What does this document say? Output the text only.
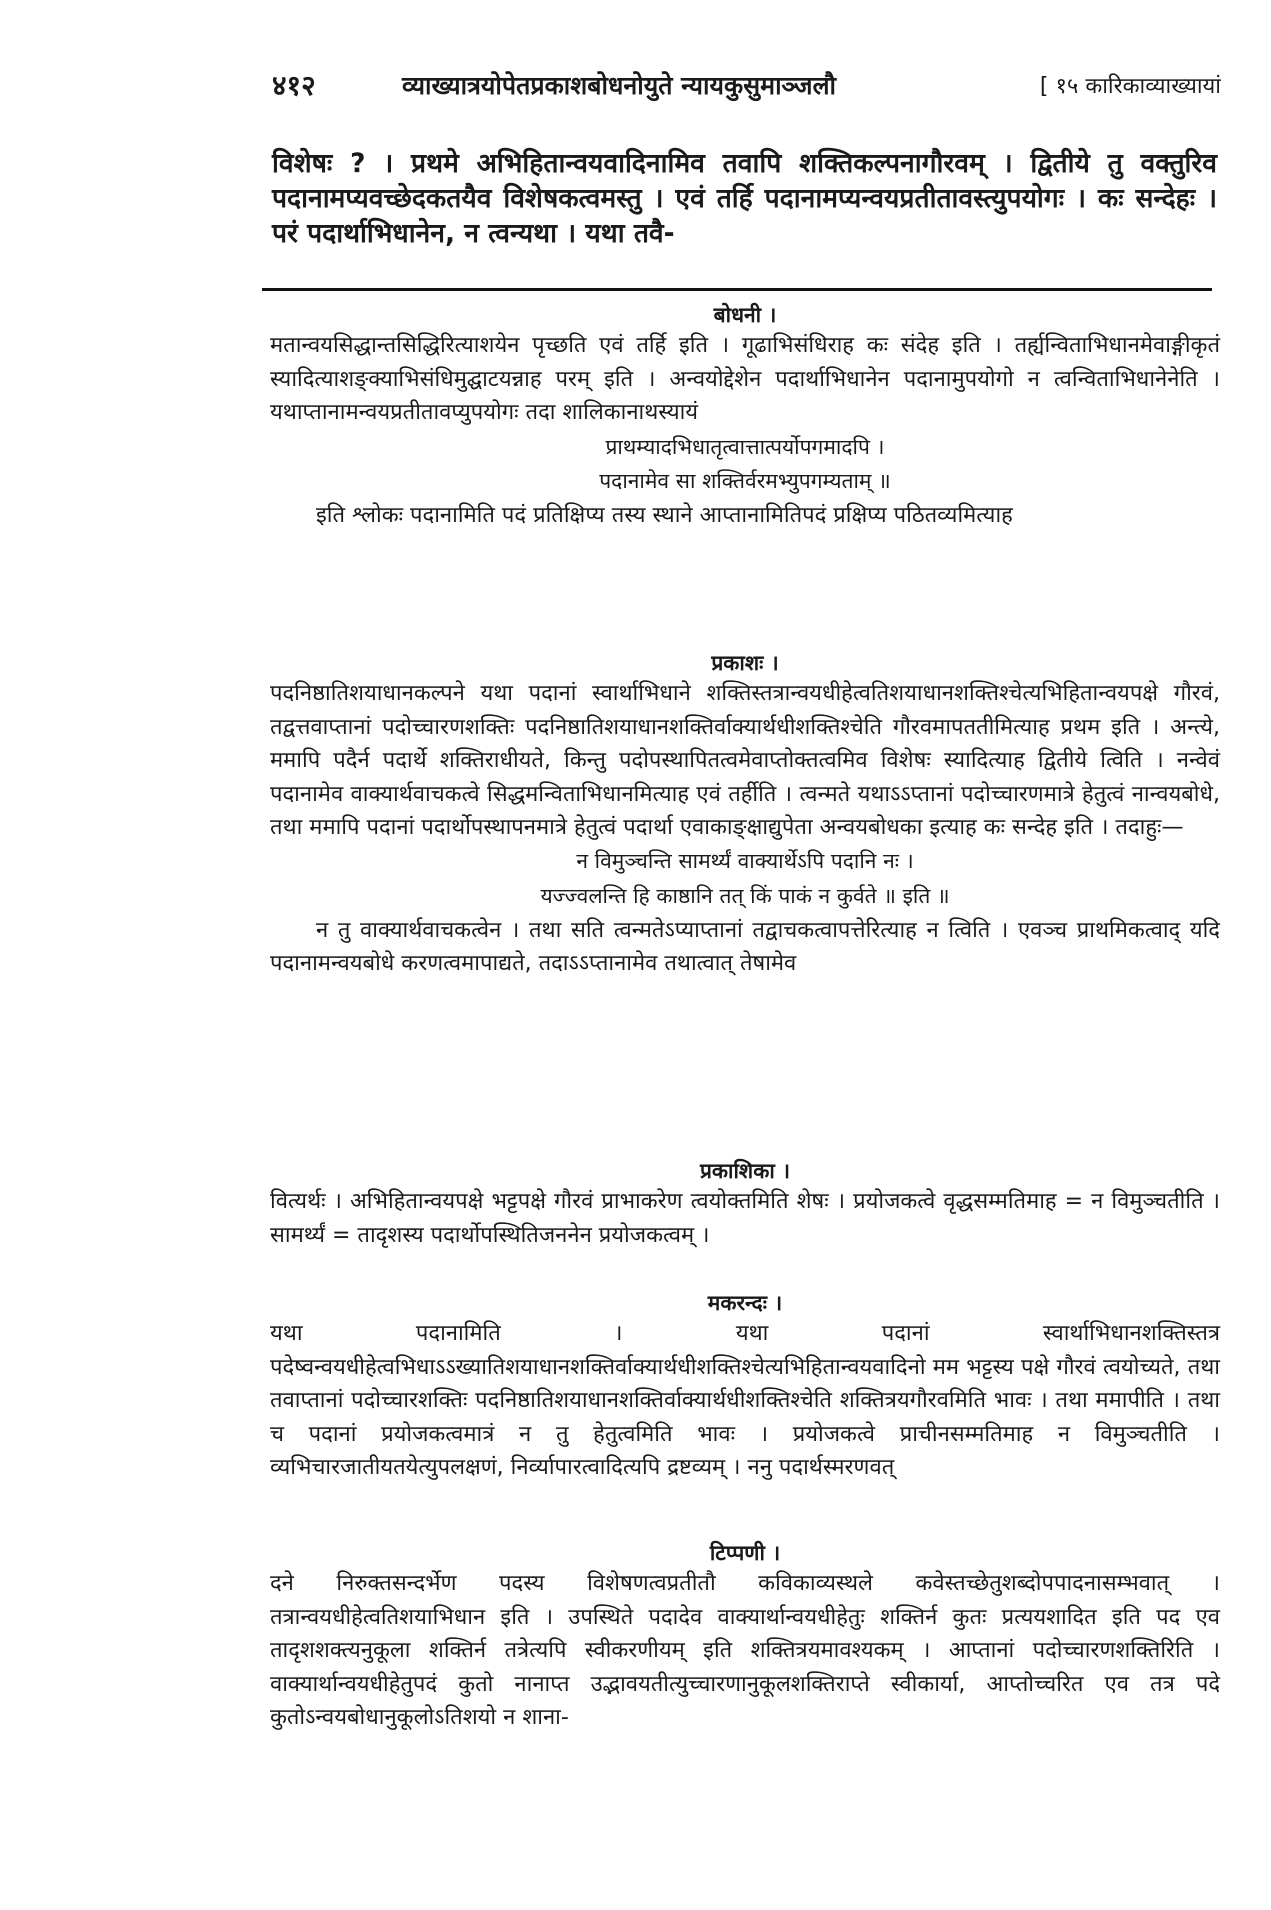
४१२	व्याख्यात्रयोपेतप्रकाशबोधनोयुते न्यायकुसुमाञ्जलौ	[ १५ कारिकाव्याख्यायां
विशेषः ? । प्रथमे अभिहितान्वयवादिनामिव तवापि शक्तिकल्पनागौरवम् । द्वितीये तु वक्तुरिव पदानामप्यवच्छेदकतयैव विशेषकत्वमस्तु । एवं तर्हि पदानामप्यन्वयप्रतीतावस्त्युपयोगः । कः सन्देहः । परं पदार्थाभिधानेन, न त्वन्यथा । यथा तवै-
बोधनी ।
मतान्वयसिद्धान्तसिद्धिरित्याशयेन पृच्छति एवं तर्हि इति । गूढाभिसंधिराह कः संदेह इति । तर्ह्यन्विताभिधानमेवाङ्गीकृतं स्यादित्याशङ्क्याभिसंधिमुद्घाटयन्नाह परम् इति । अन्वयोद्देशेन पदार्थाभिधानेन पदानामुपयोगो न त्वन्विताभिधानेनेति । यथाप्तानामन्वयप्रतीतावप्युपयोगः तदा शालिकानाथस्यायं
प्राथम्यादभिधातृत्वात्तात्पर्योपगमादपि ।
पदानामेव सा शक्तिर्वरमभ्युपगम्यताम् ॥
इति श्लोकः पदानामिति पदं प्रतिक्षिप्य तस्य स्थाने आप्तानामितिपदं प्रक्षिप्य पठितव्यमित्याह
प्रकाशः ।
पदनिष्ठातिशयाधानकल्पने यथा पदानां स्वार्थाभिधाने शक्तिस्तत्रान्वयधीहेत्वतिशयाधानशक्तिश्चेत्यभिहितान्वयपक्षे गौरवं, तद्वत्तवाप्तानां पदोच्चारणशक्तिः पदनिष्ठातिशयाधानशक्तिर्वाक्यार्थधीशक्तिश्चेति गौरवमापततीमित्याह प्रथम इति । अन्त्ये, ममापि पदैर्न पदार्थे शक्तिराधीयते, किन्तु पदोपस्थापितत्वमेवाप्तोक्तत्वमिव विशेषः स्यादित्याह द्वितीये त्विति । नन्वेवं पदानामेव वाक्यार्थवाचकत्वे सिद्धमन्विताभिधानमित्याह एवं तर्हीति । त्वन्मते यथाऽऽप्तानां पदोच्चारणमात्रे हेतुत्वं नान्वयबोधे, तथा ममापि पदानां पदार्थोपस्थापनमात्रे हेतुत्वं पदार्था एवाकाङ्क्षाद्युपेता अन्वयबोधका इत्याह कः सन्देह इति । तदाहुः—
न विमुञ्चन्ति सामर्थ्यं वाक्यार्थेऽपि पदानि नः ।
यज्ज्वलन्ति हि काष्ठानि तत् किं पाकं न कुर्वते ॥ इति ॥
न तु वाक्यार्थवाचकत्वेन । तथा सति त्वन्मतेऽप्याप्तानां तद्वाचकत्वापत्तेरित्याह न त्विति । एवञ्च प्राथमिकत्वाद् यदि पदानामन्वयबोधे करणत्वमापाद्यते, तदाऽऽप्तानामेव तथात्वात् तेषामेव
प्रकाशिका ।
वित्यर्थः । अभिहितान्वयपक्षे भट्टपक्षे गौरवं प्राभाकरेण त्वयोक्तमिति शेषः । प्रयोजकत्वे वृद्धसम्मतिमाह = न विमुञ्चतीति । सामर्थ्यं = तादृशस्य पदार्थोपस्थितिजननेन प्रयोजकत्वम् ।
मकरन्दः ।
यथा पदानामिति । यथा पदानां स्वार्थाभिधानशक्तिस्तत्र पदेष्वन्वयधीहेत्वभिधाऽऽख्यातिशयाधानशक्तिर्वाक्यार्थधीशक्तिश्चेत्यभिहितान्वयवादिनो मम भट्टस्य पक्षे गौरवं त्वयोच्यते, तथा तवाप्तानां पदोच्चारशक्तिः पदनिष्ठातिशयाधानशक्तिर्वाक्यार्थधीशक्तिश्चेति शक्तित्रयगौरवमिति भावः । तथा ममापीति । तथा च पदानां प्रयोजकत्वमात्रं न तु हेतुत्वमिति भावः । प्रयोजकत्वे प्राचीनसम्मतिमाह न विमुञ्चतीति । व्यभिचारजातीयतयेत्युपलक्षणं, निर्व्यापारत्वादित्यपि द्रष्टव्यम् । ननु पदार्थस्मरणवत्
टिप्पणी ।
दने निरुक्तसन्दर्भेण पदस्य विशेषणत्वप्रतीतौ कविकाव्यस्थले कवेस्तच्छेतुशब्दोपपादनासम्भवात् । तत्रान्वयधीहेत्वतिशयाभिधान इति । उपस्थिते पदादेव वाक्यार्थान्वयधीहेतुः शक्तिर्न कुतः प्रत्ययशादित इति पद एव तादृशशक्त्यनुकूला शक्तिर्न तत्रेत्यपि स्वीकरणीयम् इति शक्तित्रयमावश्यकम् । आप्तानां पदोच्चारणशक्तिरिति । वाक्यार्थान्वयधीहेतुपदं कुतो नानाप्त उद्भावयतीत्युच्चारणानुकूलशक्तिराप्ते स्वीकार्या, आप्तोच्चरित एव तत्र पदे कुतोऽन्वयबोधानुकूलोऽतिशयो न शाना-
